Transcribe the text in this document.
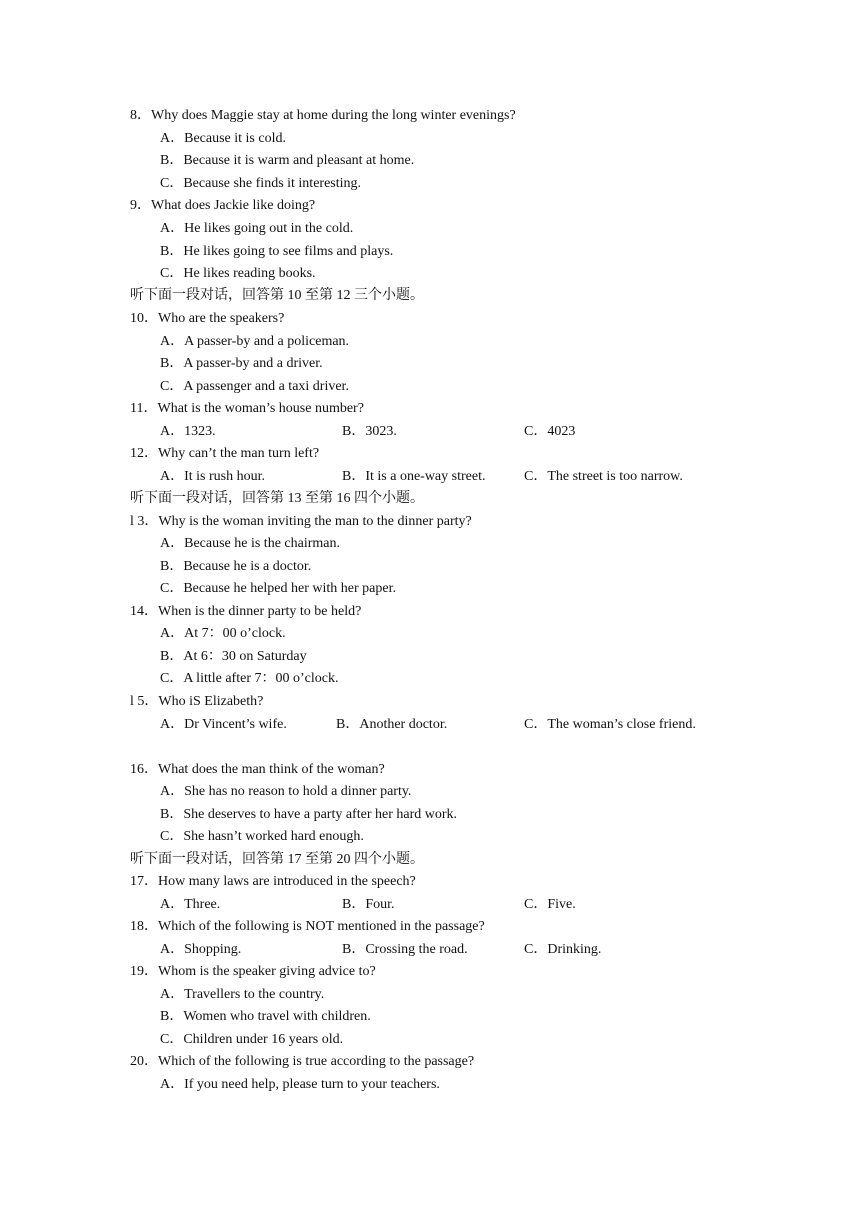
8．Why does Maggie stay at home during the long winter evenings?
A．Because it is cold.
B．Because it is warm and pleasant at home.
C．Because she finds it interesting.
9．What does Jackie like doing?
A．He likes going out in the cold.
B．He likes going to see films and plays.
C．He likes reading books.
听下面一段对话，回答第 10 至第 12 三个小题。
10．Who are the speakers?
A．A passer-by and a policeman.
B．A passer-by and a driver.
C．A passenger and a taxi driver.
11．What is the woman’s house number?
A．1323.	B．3023.	C．4023
12．Why can’t the man turn left?
A．It is rush hour.	B．It is a one-way street.	C．The street is too narrow.
听下面一段对话，回答第 13 至第 16 四个小题。
l 3．Why is the woman inviting the man to the dinner party?
A．Because he is the chairman.
B．Because he is a doctor.
C．Because he helped her with her paper.
14．When is the dinner party to be held?
A．At 7：00 o’clock.
B．At 6：30 on Saturday
C．A little after 7：00 o’clock.
l 5．Who iS Elizabeth?
A．Dr Vincent’s wife.	B．Another doctor.	C．The woman’s close friend.
16．What does the man think of the woman?
A．She has no reason to hold a dinner party.
B．She deserves to have a party after her hard work.
C．She hasn’t worked hard enough.
听下面一段对话，回答第 17 至第 20 四个小题。
17．How many laws are introduced in the speech?
A．Three.	B．Four.	C．Five.
18．Which of the following is NOT mentioned in the passage?
A．Shopping.	B．Crossing the road.	C．Drinking.
19．Whom is the speaker giving advice to?
A．Travellers to the country.
B．Women who travel with children.
C．Children under 16 years old.
20．Which of the following is true according to the passage?
A．If you need help, please turn to your teachers.
